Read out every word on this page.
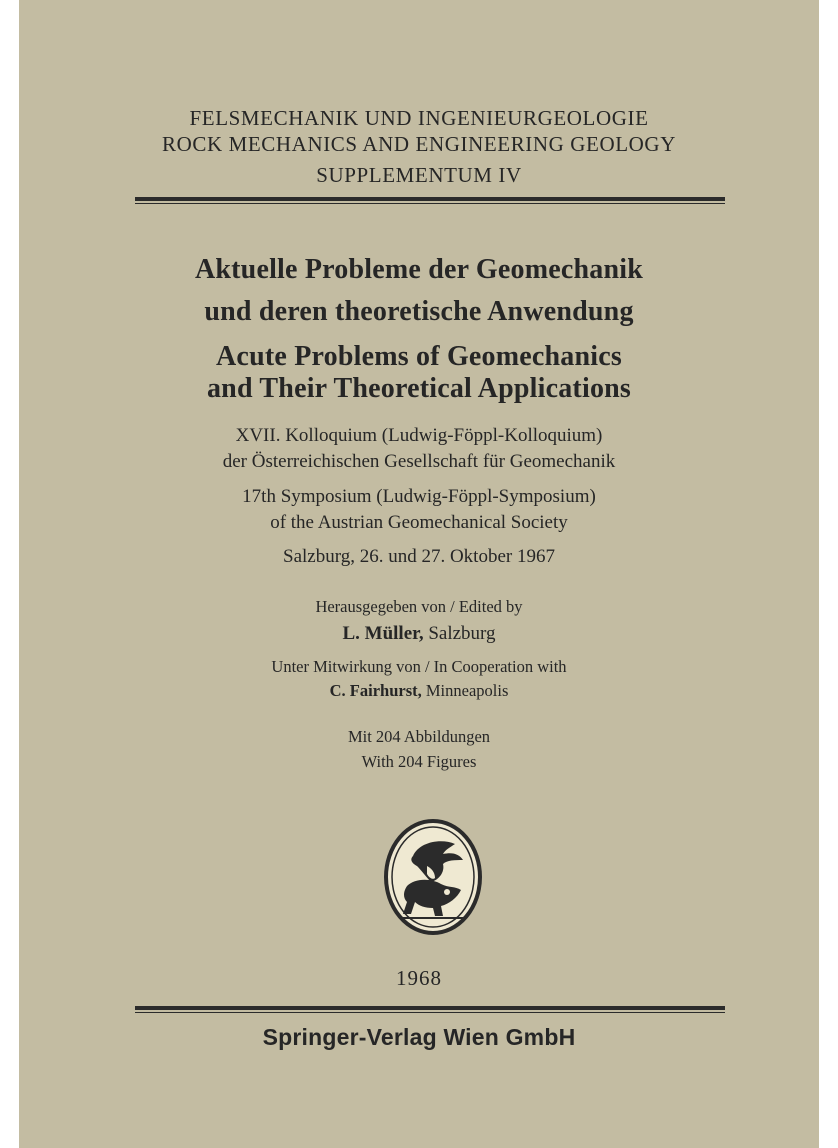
FELSMECHANIK UND INGENIEURGEOLOGIE
ROCK MECHANICS AND ENGINEERING GEOLOGY
SUPPLEMENTUM IV
Aktuelle Probleme der Geomechanik
und deren theoretische Anwendung
Acute Problems of Geomechanics
and Their Theoretical Applications
XVII. Kolloquium (Ludwig-Föppl-Kolloquium)
der Österreichischen Gesellschaft für Geomechanik
17th Symposium (Ludwig-Föppl-Symposium)
of the Austrian Geomechanical Society
Salzburg, 26. und 27. Oktober 1967
Herausgegeben von / Edited by
L. Müller, Salzburg
Unter Mitwirkung von / In Cooperation with
C. Fairhurst, Minneapolis
Mit 204 Abbildungen
With 204 Figures
1968
Springer-Verlag Wien GmbH
